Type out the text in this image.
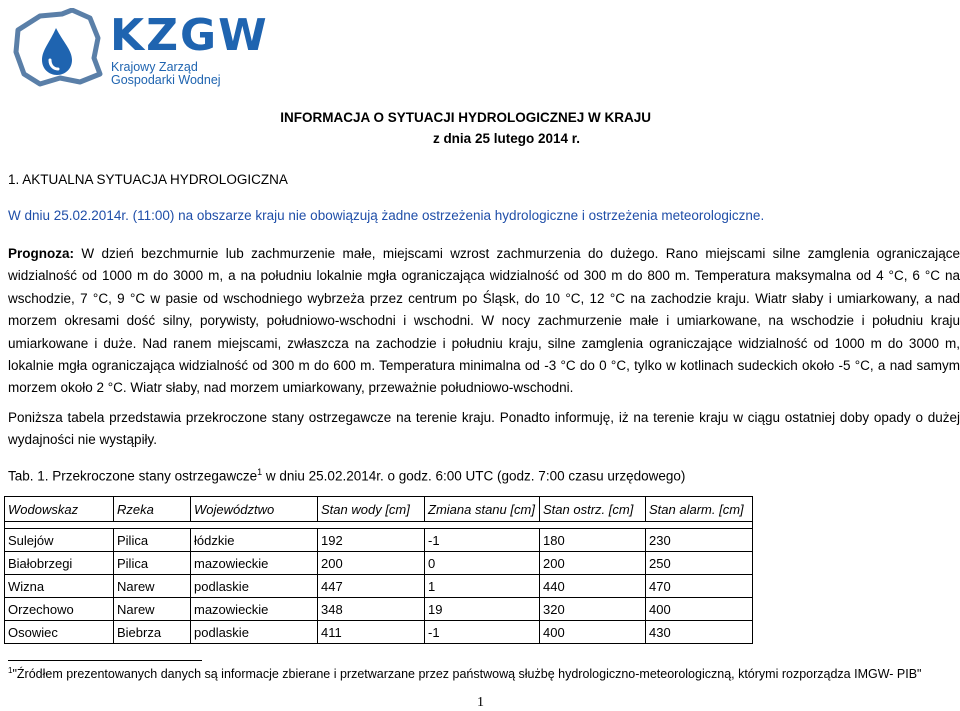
KZGW
Krajowy Zarząd
Gospodarki Wodnej
INFORMACJA O SYTUACJI HYDROLOGICZNEJ W KRAJU
z dnia 25 lutego 2014 r.
1. AKTUALNA SYTUACJA HYDROLOGICZNA
W dniu 25.02.2014r. (11:00) na obszarze kraju nie obowiązują żadne ostrzeżenia hydrologiczne i ostrzeżenia meteorologiczne.
Prognoza: W dzień bezchmurnie lub zachmurzenie małe, miejscami wzrost zachmurzenia do dużego. Rano miejscami silne zamglenia ograniczające widzialność od 1000 m do 3000 m, a na południu lokalnie mgła ograniczająca widzialność od 300 m do 800 m. Temperatura maksymalna od 4 °C, 6 °C na wschodzie, 7 °C, 9 °C w pasie od wschodniego wybrzeża przez centrum po Śląsk, do 10 °C, 12 °C na zachodzie kraju. Wiatr słaby i umiarkowany, a nad morzem okresami dość silny, porywisty, południowo-wschodni i wschodni. W nocy zachmurzenie małe i umiarkowane, na wschodzie i południu kraju umiarkowane i duże. Nad ranem miejscami, zwłaszcza na zachodzie i południu kraju, silne zamglenia ograniczające widzialność od 1000 m do 3000 m, lokalnie mgła ograniczająca widzialność od 300 m do 600 m. Temperatura minimalna od -3 °C do 0 °C, tylko w kotlinach sudeckich około -5 °C, a nad samym morzem około 2 °C. Wiatr słaby, nad morzem umiarkowany, przeważnie południowo-wschodni.
Poniższa tabela przedstawia przekroczone stany ostrzegawcze na terenie kraju. Ponadto informuję, iż na terenie kraju w ciągu ostatniej doby opady o dużej wydajności nie wystąpiły.
Tab. 1. Przekroczone stany ostrzegawcze$^1$ w dniu 25.02.2014r. o godz. 6:00 UTC (godz. 7:00 czasu urzędowego)
Wodowskaz	Rzeka	Województwo	Stan wody [cm]	Zmiana stanu [cm]	Stan ostrz. [cm]	Stan alarm. [cm]

Sulejów	Pilica	łódzkie	192	-1	180	230
Białobrzegi	Pilica	mazowieckie	200	0	200	250
Wizna	Narew	podlaskie	447	1	440	470
Orzechowo	Narew	mazowieckie	348	19	320	400
Osowiec	Biebrza	podlaskie	411	-1	400	430
$^1$"Źródłem prezentowanych danych są informacje zbierane i przetwarzane przez państwową służbę hydrologiczno-meteorologiczną, którymi rozporządza IMGW- PIB"
1
